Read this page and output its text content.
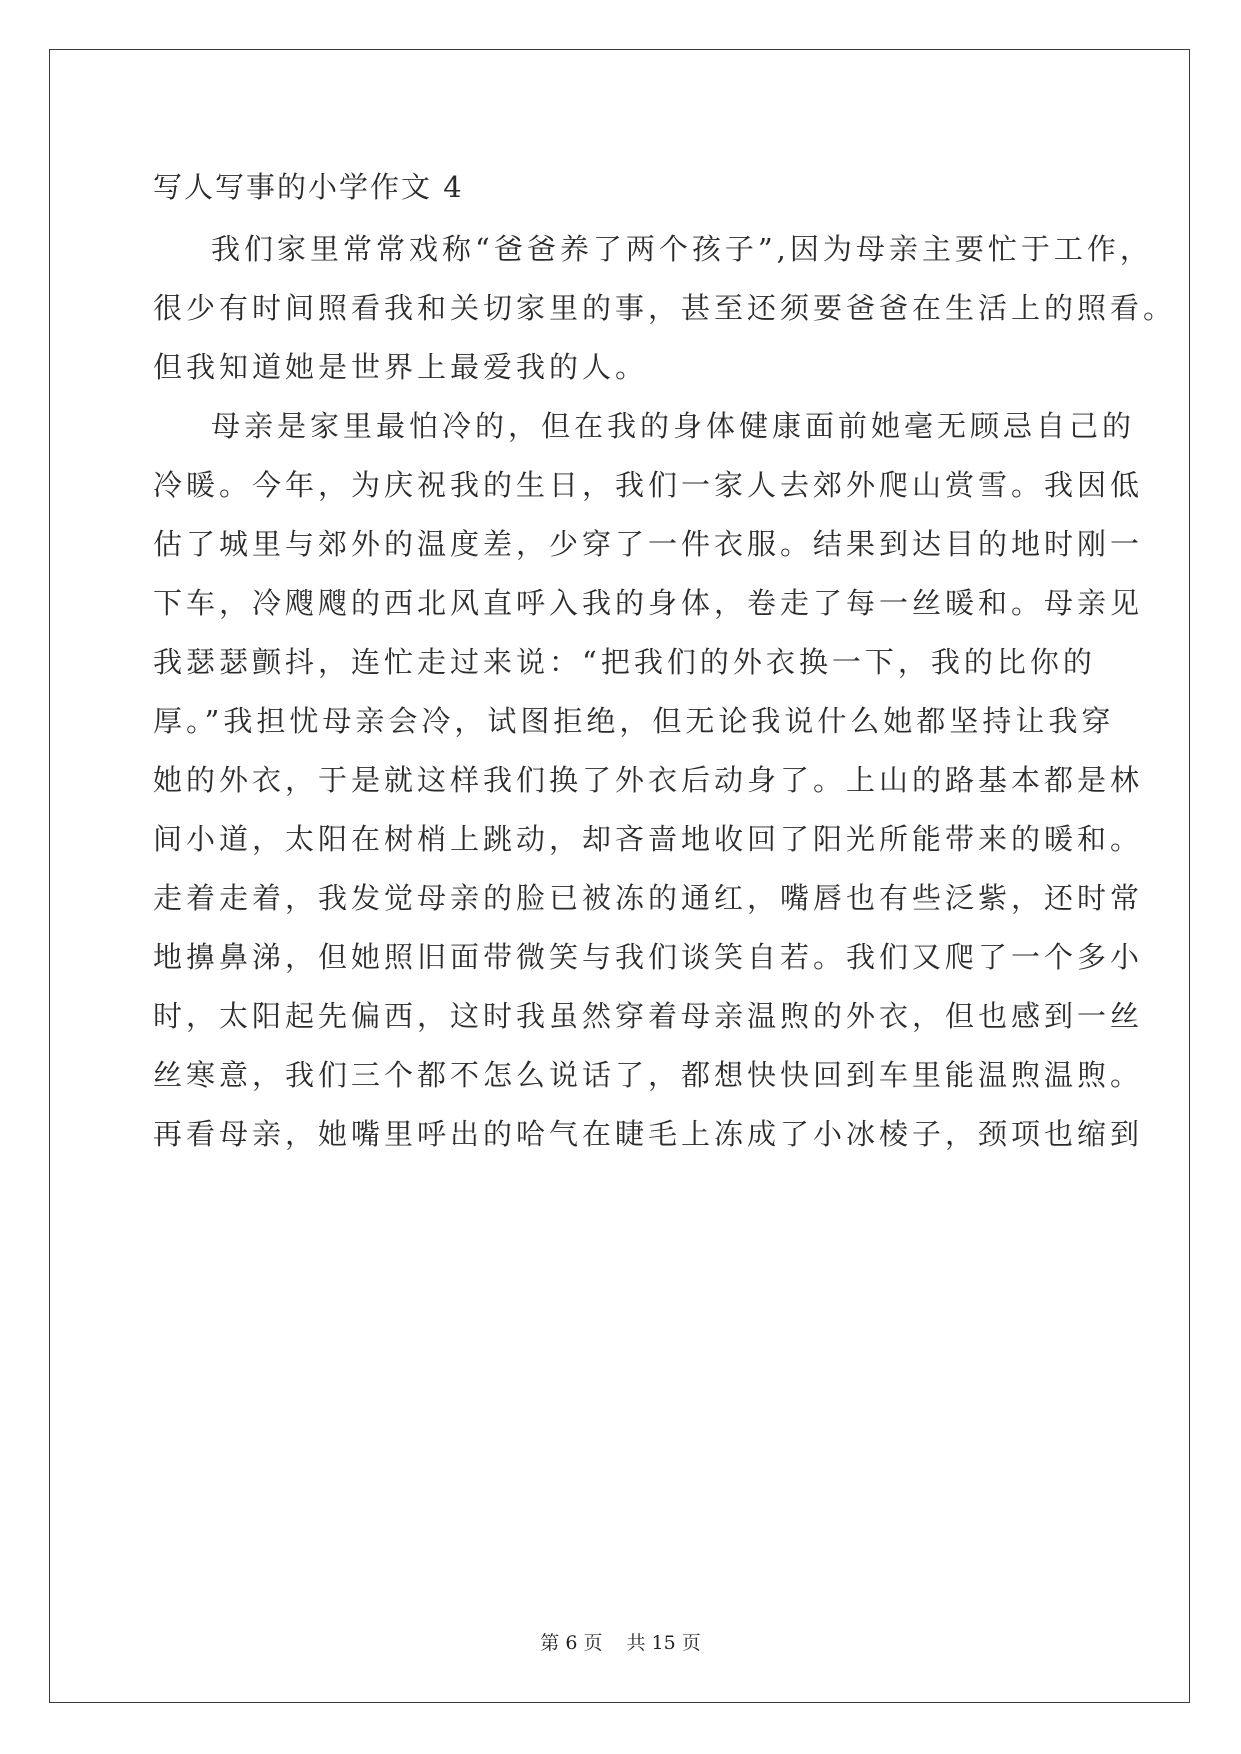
写人写事的小学作文 4

我们家里常常戏称“爸爸养了两个孩子”,因为母亲主要忙于工作，
很少有时间照看我和关切家里的事，甚至还须要爸爸在生活上的照看。
但我知道她是世界上最爱我的人。

母亲是家里最怕冷的，但在我的身体健康面前她毫无顾忌自己的
冷暖。今年，为庆祝我的生日，我们一家人去郊外爬山赏雪。我因低
估了城里与郊外的温度差，少穿了一件衣服。结果到达目的地时刚一
下车，冷飕飕的西北风直呼入我的身体，卷走了每一丝暖和。母亲见
我瑟瑟颤抖，连忙走过来说：“把我们的外衣换一下，我的比你的
厚。”我担忧母亲会冷，试图拒绝，但无论我说什么她都坚持让我穿
她的外衣，于是就这样我们换了外衣后动身了。上山的路基本都是林
间小道，太阳在树梢上跳动，却吝啬地收回了阳光所能带来的暖和。
走着走着，我发觉母亲的脸已被冻的通红，嘴唇也有些泛紫，还时常
地擤鼻涕，但她照旧面带微笑与我们谈笑自若。我们又爬了一个多小
时，太阳起先偏西，这时我虽然穿着母亲温煦的外衣，但也感到一丝
丝寒意，我们三个都不怎么说话了，都想快快回到车里能温煦温煦。
再看母亲，她嘴里呼出的哈气在睫毛上冻成了小冰棱子，颈项也缩到

第 6 页 共 15 页
